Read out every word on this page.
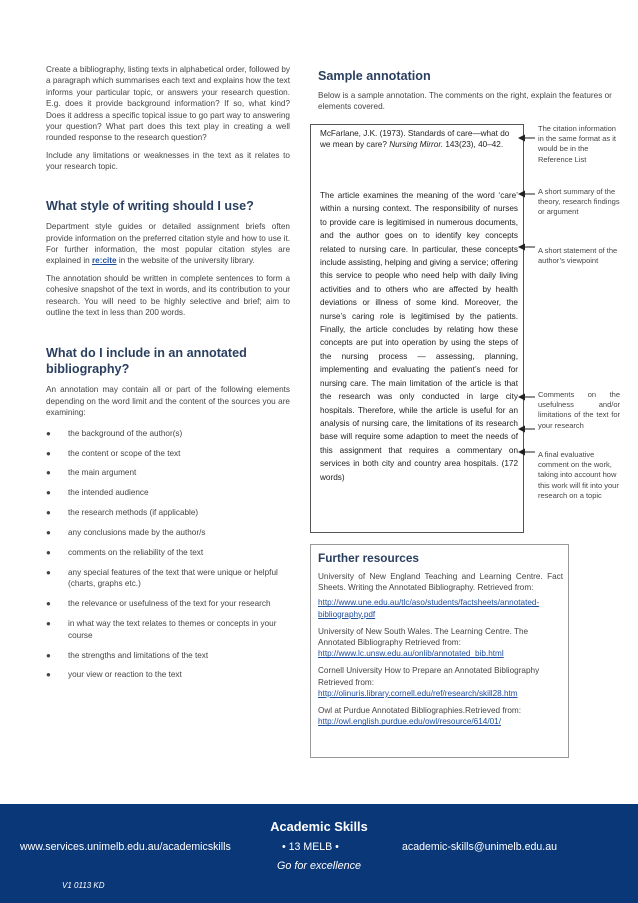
Create a bibliography, listing texts in alphabetical order, followed by a paragraph which summarises each text and explains how the text informs your particular topic, or answers your research question. E.g. does it provide background information? If so, what kind? Does it address a specific topical issue to go part way to answering your question? What part does this text play in creating a well rounded response to the research question?

Include any limitations or weaknesses in the text as it relates to your research topic.

What style of writing should I use?

Department style guides or detailed assignment briefs often provide information on the preferred citation style and how to use it. For further information, the most popular citation styles are explained in re:cite in the website of the university library.

The annotation should be written in complete sentences to form a cohesive snapshot of the text in words, and its contribution to your research. You will need to be highly selective and brief; aim to outline the text in less than 200 words.

What do I include in an annotated bibliography?

An annotation may contain all or part of the following elements depending on the word limit and the content of the sources you are examining:

● the background of the author(s)
● the content or scope of the text
● the main argument
● the intended audience
● the research methods (if applicable)
● any conclusions made by the author/s
● comments on the reliability of the text
● any special features of the text that were unique or helpful (charts, graphs etc.)
● the relevance or usefulness of the text for your research
● in what way the text relates to themes or concepts in your course
● the strengths and limitations of the text
● your view or reaction to the text
Sample annotation

Below is a sample annotation. The comments on the right, explain the features or elements covered.

McFarlane, J.K. (1973). Standards of care—what do we mean by care? Nursing Mirror. 143(23), 40–42.
The article examines the meaning of the word ‘care’ within a nursing context. The responsibility of nurses to provide care is legitimised in numerous documents, and the author goes on to identify key concepts related to nursing care. In particular, these concepts include assisting, helping and giving a service; offering this service to people who need help with daily living activities and to others who are affected by health deviations or illness of some kind. Moreover, the nurse’s caring role is legitimised by the patients. Finally, the article concludes by relating how these concepts are put into operation by using the steps of the nursing process — assessing, planning, implementing and evaluating the patient’s need for nursing care. The main limitation of the article is that the research was only conducted in large city hospitals. Therefore, while the article is useful for an analysis of nursing care, the limitations of its research base will require some adaption to meet the needs of this assignment that requires a commentary on services in both city and country area hospitals. (172 words)
The citation information in the same format as it would be in the Reference List
A short summary of the theory, research findings or argument
A short statement of the author’s viewpoint
Comments on the usefulness and/or limitations of the text for your research
A final evaluative comment on the work, taking into account how this work will fit into your research on a topic
Further resources

University of New England Teaching and Learning Centre. Fact Sheets. Writing the Annotated Bibliography. Retrieved from:

http://www.une.edu.au/tlc/aso/students/factsheets/annotated-bibliography.pdf

University of New South Wales. The Learning Centre. The Annotated Bibliography Retrieved from:

http://www.lc.unsw.edu.au/onlib/annotated_bib.html

Cornell University How to Prepare an Annotated Bibliography Retrieved from:

http://olinuris.library.cornell.edu/ref/research/skill28.htm

Owl at Purdue Annotated Bibliographies.Retrieved from:

http://owl.english.purdue.edu/owl/resource/614/01/
Academic Skills
www.services.unimelb.edu.au/academicskills	• 13 MELB •	academic-skills@unimelb.edu.au
Go for excellence
V1 0113 KD
